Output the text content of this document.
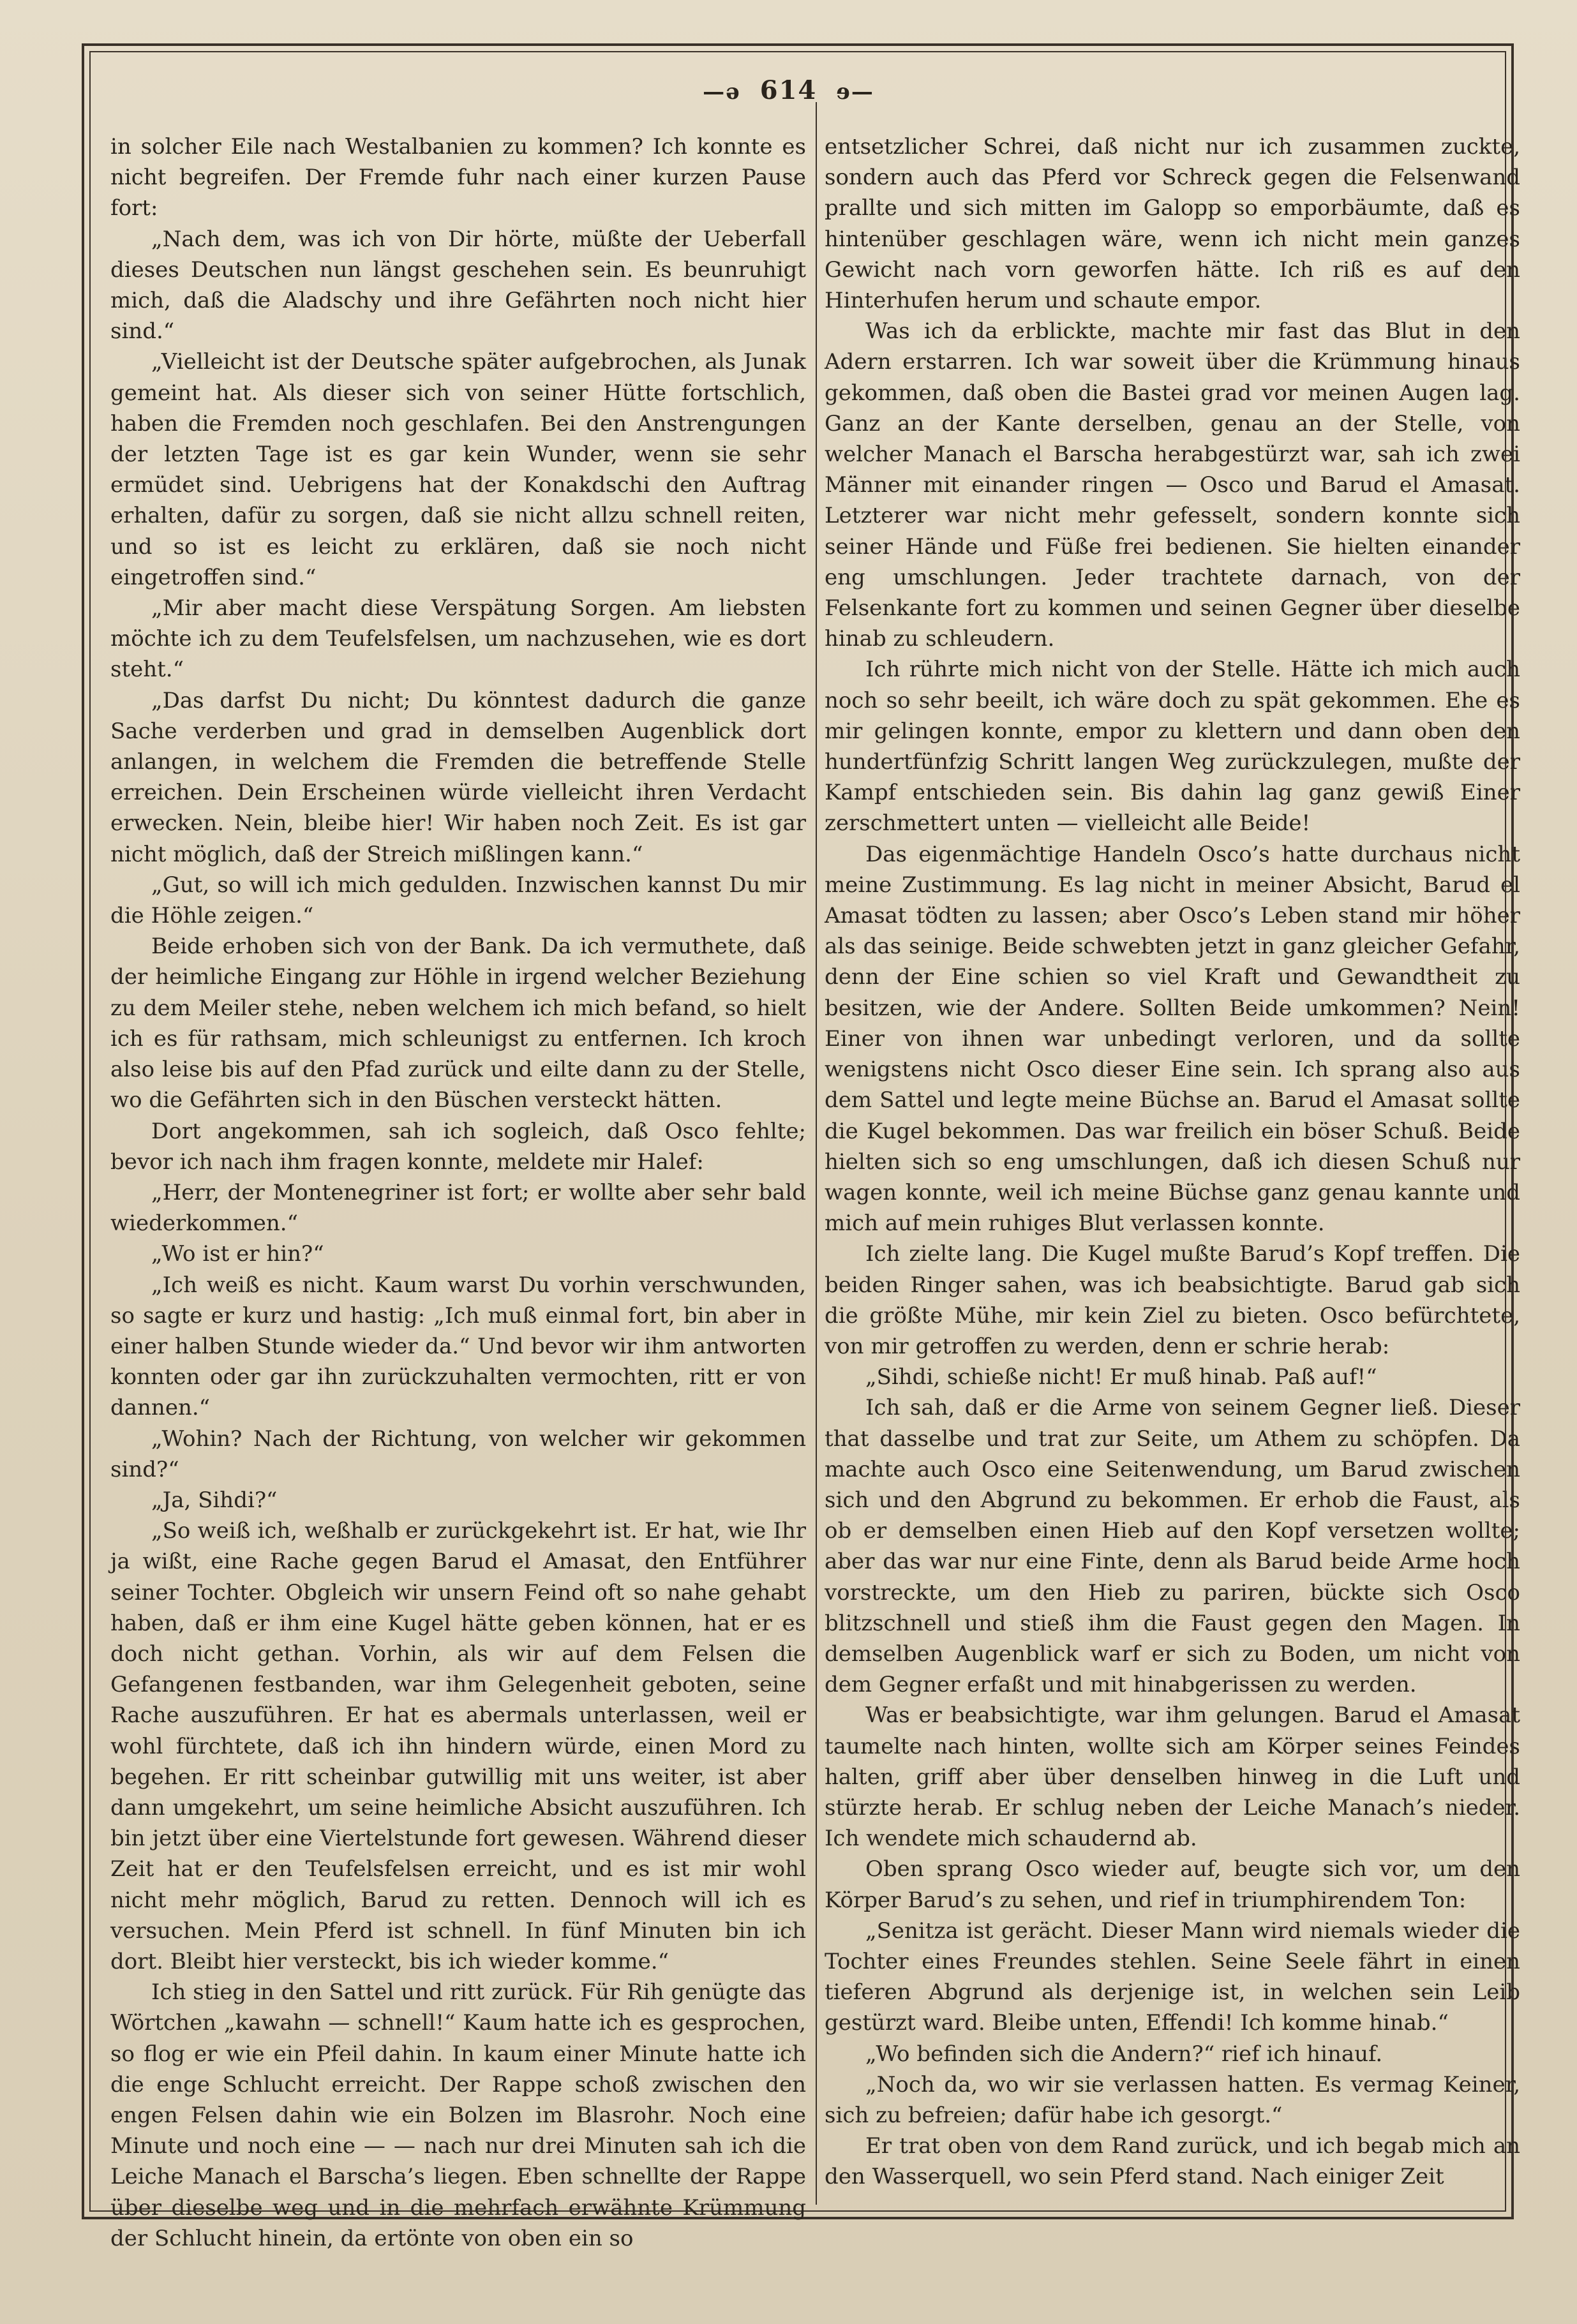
—ə 614 ɘ—

in solcher Eile nach Westalbanien zu kommen? Ich konnte es nicht begreifen. Der Fremde fuhr nach einer kurzen Pause fort:

„Nach dem, was ich von Dir hörte, müßte der Ueberfall dieses Deutschen nun längst geschehen sein. Es beunruhigt mich, daß die Aladschy und ihre Gefährten noch nicht hier sind.“

„Vielleicht ist der Deutsche später aufgebrochen, als Junak gemeint hat. Als dieser sich von seiner Hütte fortschlich, haben die Fremden noch geschlafen. Bei den Anstrengungen der letzten Tage ist es gar kein Wunder, wenn sie sehr ermüdet sind. Uebrigens hat der Konakdschi den Auftrag erhalten, dafür zu sorgen, daß sie nicht allzu schnell reiten, und so ist es leicht zu erklären, daß sie noch nicht eingetroffen sind.“

„Mir aber macht diese Verspätung Sorgen. Am liebsten möchte ich zu dem Teufelsfelsen, um nachzusehen, wie es dort steht.“

„Das darfst Du nicht; Du könntest dadurch die ganze Sache verderben und grad in demselben Augenblick dort anlangen, in welchem die Fremden die betreffende Stelle erreichen. Dein Erscheinen würde vielleicht ihren Verdacht erwecken. Nein, bleibe hier! Wir haben noch Zeit. Es ist gar nicht möglich, daß der Streich mißlingen kann.“

„Gut, so will ich mich gedulden. Inzwischen kannst Du mir die Höhle zeigen.“

Beide erhoben sich von der Bank. Da ich vermuthete, daß der heimliche Eingang zur Höhle in irgend welcher Beziehung zu dem Meiler stehe, neben welchem ich mich befand, so hielt ich es für rathsam, mich schleunigst zu entfernen. Ich kroch also leise bis auf den Pfad zurück und eilte dann zu der Stelle, wo die Gefährten sich in den Büschen versteckt hätten.

Dort angekommen, sah ich sogleich, daß Osco fehlte; bevor ich nach ihm fragen konnte, meldete mir Halef:

„Herr, der Montenegriner ist fort; er wollte aber sehr bald wiederkommen.“

„Wo ist er hin?“

„Ich weiß es nicht. Kaum warst Du vorhin verschwunden, so sagte er kurz und hastig: „Ich muß einmal fort, bin aber in einer halben Stunde wieder da.“ Und bevor wir ihm antworten konnten oder gar ihn zurückzuhalten vermochten, ritt er von dannen.“

„Wohin? Nach der Richtung, von welcher wir gekommen sind?“

„Ja, Sihdi?“

„So weiß ich, weßhalb er zurückgekehrt ist. Er hat, wie Ihr ja wißt, eine Rache gegen Barud el Amasat, den Entführer seiner Tochter. Obgleich wir unsern Feind oft so nahe gehabt haben, daß er ihm eine Kugel hätte geben können, hat er es doch nicht gethan. Vorhin, als wir auf dem Felsen die Gefangenen festbanden, war ihm Gelegenheit geboten, seine Rache auszuführen. Er hat es abermals unterlassen, weil er wohl fürchtete, daß ich ihn hindern würde, einen Mord zu begehen. Er ritt scheinbar gutwillig mit uns weiter, ist aber dann umgekehrt, um seine heimliche Absicht auszuführen. Ich bin jetzt über eine Viertelstunde fort gewesen. Während dieser Zeit hat er den Teufelsfelsen erreicht, und es ist mir wohl nicht mehr möglich, Barud zu retten. Dennoch will ich es versuchen. Mein Pferd ist schnell. In fünf Minuten bin ich dort. Bleibt hier versteckt, bis ich wieder komme.“

Ich stieg in den Sattel und ritt zurück. Für Rih genügte das Wörtchen „kawahn — schnell!“ Kaum hatte ich es gesprochen, so flog er wie ein Pfeil dahin. In kaum einer Minute hatte ich die enge Schlucht erreicht. Der Rappe schoß zwischen den engen Felsen dahin wie ein Bolzen im Blasrohr. Noch eine Minute und noch eine — — nach nur drei Minuten sah ich die Leiche Manach el Barscha’s liegen. Eben schnellte der Rappe über dieselbe weg und in die mehrfach erwähnte Krümmung der Schlucht hinein, da ertönte von oben ein so

entsetzlicher Schrei, daß nicht nur ich zusammen zuckte, sondern auch das Pferd vor Schreck gegen die Felsenwand prallte und sich mitten im Galopp so emporbäumte, daß es hintenüber geschlagen wäre, wenn ich nicht mein ganzes Gewicht nach vorn geworfen hätte. Ich riß es auf den Hinterhufen herum und schaute empor.

Was ich da erblickte, machte mir fast das Blut in den Adern erstarren. Ich war soweit über die Krümmung hinaus gekommen, daß oben die Bastei grad vor meinen Augen lag. Ganz an der Kante derselben, genau an der Stelle, von welcher Manach el Barscha herabgestürzt war, sah ich zwei Männer mit einander ringen — Osco und Barud el Amasat. Letzterer war nicht mehr gefesselt, sondern konnte sich seiner Hände und Füße frei bedienen. Sie hielten einander eng umschlungen. Jeder trachtete darnach, von der Felsenkante fort zu kommen und seinen Gegner über dieselbe hinab zu schleudern.

Ich rührte mich nicht von der Stelle. Hätte ich mich auch noch so sehr beeilt, ich wäre doch zu spät gekommen. Ehe es mir gelingen konnte, empor zu klettern und dann oben den hundertfünfzig Schritt langen Weg zurückzulegen, mußte der Kampf entschieden sein. Bis dahin lag ganz gewiß Einer zerschmettert unten — vielleicht alle Beide!

Das eigenmächtige Handeln Osco’s hatte durchaus nicht meine Zustimmung. Es lag nicht in meiner Absicht, Barud el Amasat tödten zu lassen; aber Osco’s Leben stand mir höher als das seinige. Beide schwebten jetzt in ganz gleicher Gefahr, denn der Eine schien so viel Kraft und Gewandtheit zu besitzen, wie der Andere. Sollten Beide umkommen? Nein! Einer von ihnen war unbedingt verloren, und da sollte wenigstens nicht Osco dieser Eine sein. Ich sprang also aus dem Sattel und legte meine Büchse an. Barud el Amasat sollte die Kugel bekommen. Das war freilich ein böser Schuß. Beide hielten sich so eng umschlungen, daß ich diesen Schuß nur wagen konnte, weil ich meine Büchse ganz genau kannte und mich auf mein ruhiges Blut verlassen konnte.

Ich zielte lang. Die Kugel mußte Barud’s Kopf treffen. Die beiden Ringer sahen, was ich beabsichtigte. Barud gab sich die größte Mühe, mir kein Ziel zu bieten. Osco befürchtete, von mir getroffen zu werden, denn er schrie herab:

„Sihdi, schieße nicht! Er muß hinab. Paß auf!“

Ich sah, daß er die Arme von seinem Gegner ließ. Dieser that dasselbe und trat zur Seite, um Athem zu schöpfen. Da machte auch Osco eine Seitenwendung, um Barud zwischen sich und den Abgrund zu bekommen. Er erhob die Faust, als ob er demselben einen Hieb auf den Kopf versetzen wollte; aber das war nur eine Finte, denn als Barud beide Arme hoch vorstreckte, um den Hieb zu pariren, bückte sich Osco blitzschnell und stieß ihm die Faust gegen den Magen. In demselben Augenblick warf er sich zu Boden, um nicht von dem Gegner erfaßt und mit hinabgerissen zu werden.

Was er beabsichtigte, war ihm gelungen. Barud el Amasat taumelte nach hinten, wollte sich am Körper seines Feindes halten, griff aber über denselben hinweg in die Luft und stürzte herab. Er schlug neben der Leiche Manach’s nieder. Ich wendete mich schaudernd ab.

Oben sprang Osco wieder auf, beugte sich vor, um den Körper Barud’s zu sehen, und rief in triumphirendem Ton:

„Senitza ist gerächt. Dieser Mann wird niemals wieder die Tochter eines Freundes stehlen. Seine Seele fährt in einen tieferen Abgrund als derjenige ist, in welchen sein Leib gestürzt ward. Bleibe unten, Effendi! Ich komme hinab.“

„Wo befinden sich die Andern?“ rief ich hinauf.

„Noch da, wo wir sie verlassen hatten. Es vermag Keiner, sich zu befreien; dafür habe ich gesorgt.“

Er trat oben von dem Rand zurück, und ich begab mich an den Wasserquell, wo sein Pferd stand. Nach einiger Zeit
